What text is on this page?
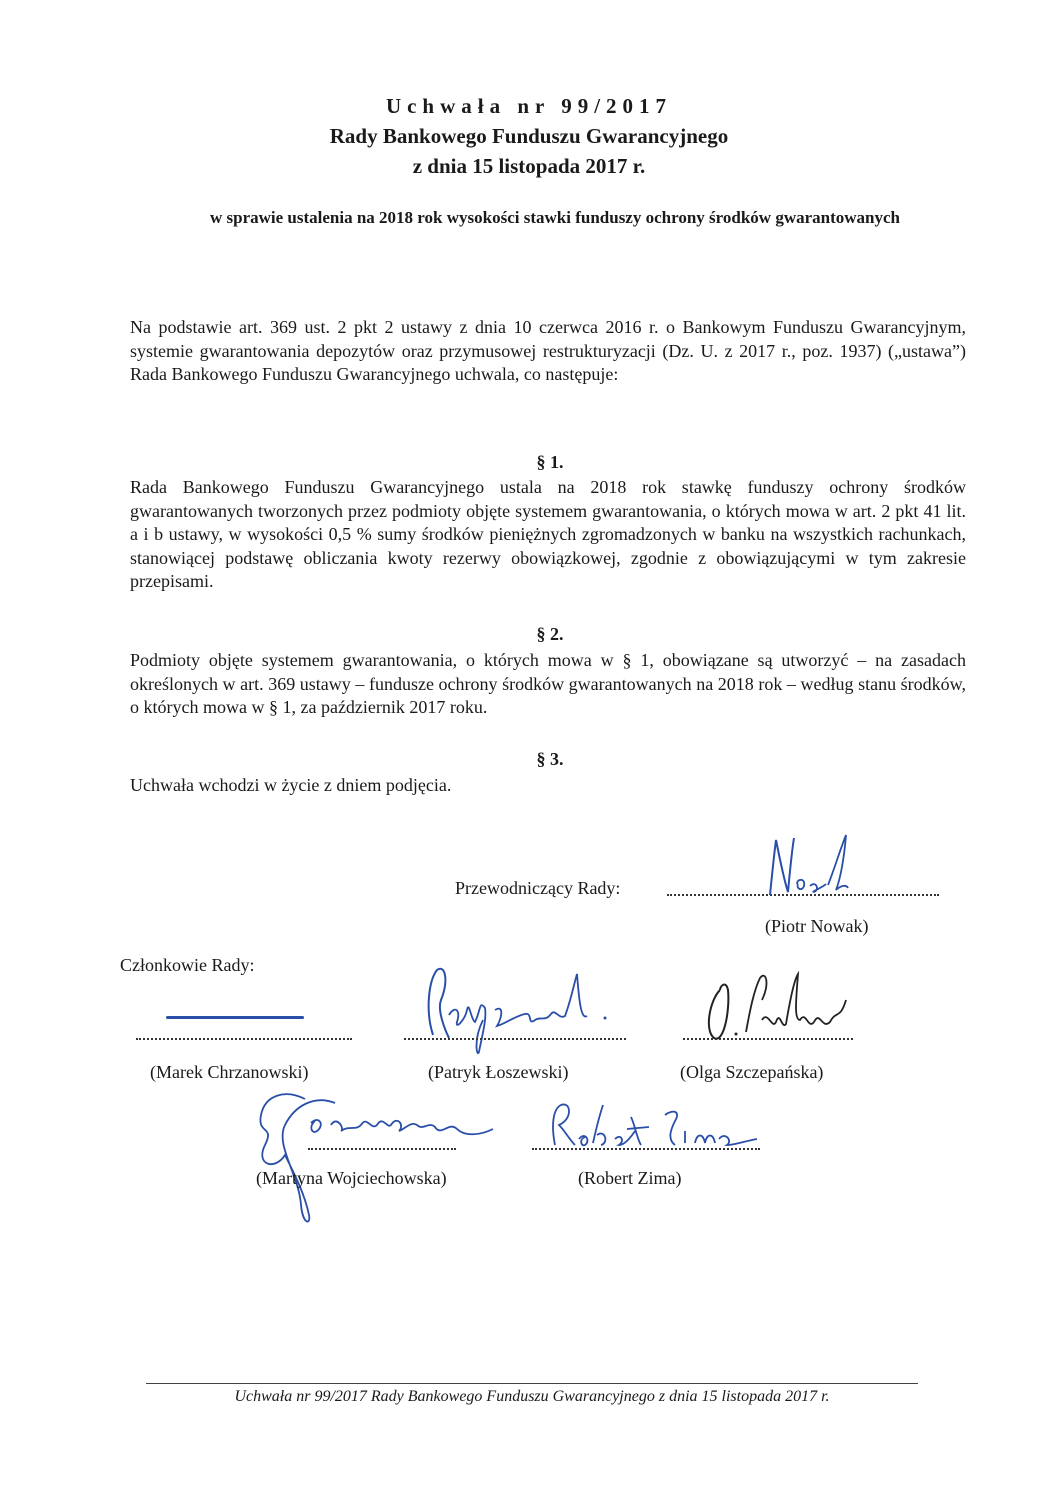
Uchwała nr 99/2017
Rady Bankowego Funduszu Gwarancyjnego
z dnia 15 listopada 2017 r.
w sprawie ustalenia na 2018 rok wysokości stawki funduszy ochrony środków gwarantowanych
Na podstawie art. 369 ust. 2 pkt 2 ustawy z dnia 10 czerwca 2016 r. o Bankowym Funduszu Gwarancyjnym, systemie gwarantowania depozytów oraz przymusowej restrukturyzacji (Dz. U. z 2017 r., poz. 1937) („ustawa”) Rada Bankowego Funduszu Gwarancyjnego uchwala, co następuje:
§ 1.
Rada Bankowego Funduszu Gwarancyjnego ustala na 2018 rok stawkę funduszy ochrony środków gwarantowanych tworzonych przez podmioty objęte systemem gwarantowania, o których mowa w art. 2 pkt 41 lit. a i b ustawy, w wysokości 0,5 % sumy środków pieniężnych zgromadzonych w banku na wszystkich rachunkach, stanowiącej podstawę obliczania kwoty rezerwy obowiązkowej, zgodnie z obowiązującymi w tym zakresie przepisami.
§ 2.
Podmioty objęte systemem gwarantowania, o których mowa w § 1, obowiązane są utworzyć – na zasadach określonych w art. 369 ustawy – fundusze ochrony środków gwarantowanych na 2018 rok – według stanu środków, o których mowa w § 1, za październik 2017 roku.
§ 3.
Uchwała wchodzi w życie z dniem podjęcia.
Przewodniczący Rady:
(Piotr Nowak)
Członkowie Rady:
(Marek Chrzanowski)	(Patryk Łoszewski)	(Olga Szczepańska)
(Martyna Wojciechowska)	(Robert Zima)
Uchwała nr 99/2017 Rady Bankowego Funduszu Gwarancyjnego z dnia 15 listopada 2017 r.
